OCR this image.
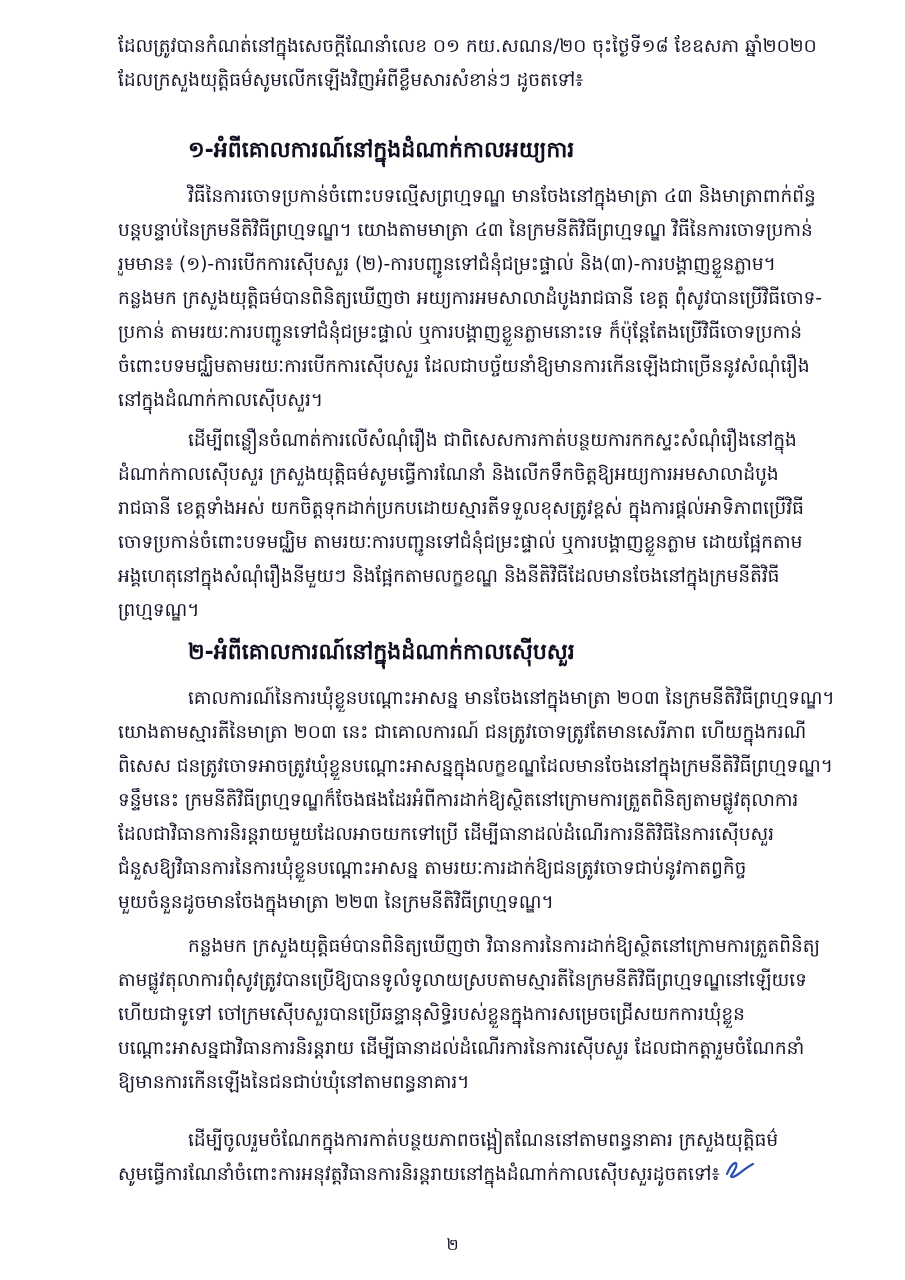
ដែលត្រូវបានកំណត់នៅក្នុងសេចក្តីណែនាំលេខ ០១ កយ.សណន/២០ ចុះថ្ងៃទី១៨ ខែឧសភា ឆ្នាំ២០២០
ដែលក្រសួងយុត្តិធម៌សូមលើកឡើងវិញអំពីខ្លឹមសារសំខាន់ៗ ដូចតទៅ៖
១-អំពីគោលការណ៍នៅក្នុងដំណាក់កាលអយ្យការ
វិធីនៃការចោទប្រកាន់ចំពោះបទល្មើសព្រហ្មទណ្ឌ មានចែងនៅក្នុងមាត្រា ៤៣ និងមាត្រាពាក់ព័ន្ធ
បន្តបន្ទាប់នៃក្រមនីតិវិធីព្រហ្មទណ្ឌ។ យោងតាមមាត្រា ៤៣ នៃក្រមនីតិវិធីព្រហ្មទណ្ឌ វិធីនៃការចោទប្រកាន់
រួមមាន៖ (១)-ការបើកការស៊ើបសួរ (២)-ការបញ្ជូនទៅជំនុំជម្រះផ្ទាល់ និង(៣)-ការបង្គាញខ្លួនភ្លាម។
កន្លងមក ក្រសួងយុត្តិធម៌បានពិនិត្យឃើញថា អយ្យការអមសាលាដំបូងរាជធានី ខេត្ត ពុំសូវបានប្រើវិធីចោទ-
ប្រកាន់ តាមរយៈការបញ្ជូនទៅជំនុំជម្រះផ្ទាល់ ឬការបង្គាញខ្លួនភ្លាមនោះទេ ក៏ប៉ុន្តែតែងប្រើវិធីចោទប្រកាន់
ចំពោះបទមជ្ឈិមតាមរយៈការបើកការស៊ើបសួរ ដែលជាបច្ច័យនាំឱ្យមានការកើនឡើងជាច្រើននូវសំណុំរឿង
នៅក្នុងដំណាក់កាលស៊ើបសួរ។
ដើម្បីពន្លឿនចំណាត់ការលើសំណុំរឿង ជាពិសេសការកាត់បន្ថយការកកស្ទះសំណុំរឿងនៅក្នុង
ដំណាក់កាលស៊ើបសួរ ក្រសួងយុត្តិធម៌សូមធ្វើការណែនាំ និងលើកទឹកចិត្តឱ្យអយ្យការអមសាលាដំបូង
រាជធានី ខេត្តទាំងអស់ យកចិត្តទុកដាក់ប្រកបដោយស្មារតីទទួលខុសត្រូវខ្ពស់ ក្នុងការផ្តល់អាទិភាពប្រើវិធី
ចោទប្រកាន់ចំពោះបទមជ្ឈិម តាមរយៈការបញ្ជូនទៅជំនុំជម្រះផ្ទាល់ ឬការបង្គាញខ្លួនភ្លាម ដោយផ្អែកតាម
អង្គហេតុនៅក្នុងសំណុំរឿងនីមួយៗ និងផ្អែកតាមលក្ខខណ្ឌ និងនីតិវិធីដែលមានចែងនៅក្នុងក្រមនីតិវិធី
ព្រហ្មទណ្ឌ។
២-អំពីគោលការណ៍នៅក្នុងដំណាក់កាលស៊ើបសួរ
គោលការណ៍នៃការឃុំខ្លួនបណ្តោះអាសន្ន មានចែងនៅក្នុងមាត្រា ២០៣ នៃក្រមនីតិវិធីព្រហ្មទណ្ឌ។
យោងតាមស្មារតីនៃមាត្រា ២០៣ នេះ ជាគោលការណ៍ ជនត្រូវចោទត្រូវតែមានសេរីភាព ហើយក្នុងករណី
ពិសេស ជនត្រូវចោទអាចត្រូវឃុំខ្លួនបណ្តោះអាសន្នក្នុងលក្ខខណ្ឌដែលមានចែងនៅក្នុងក្រមនីតិវិធីព្រហ្មទណ្ឌ។
ទន្ទឹមនេះ ក្រមនីតិវិធីព្រហ្មទណ្ឌក៏ចែងផងដែរអំពីការដាក់ឱ្យស្ថិតនៅក្រោមការត្រួតពិនិត្យតាមផ្លូវតុលាការ
ដែលជាវិធានការនិរន្តរាយមួយដែលអាចយកទៅប្រើ ដើម្បីធានាដល់ដំណើរការនីតិវិធីនៃការស៊ើបសួរ
ជំនួសឱ្យវិធានការនៃការឃុំខ្លួនបណ្តោះអាសន្ន តាមរយៈការដាក់ឱ្យជនត្រូវចោទជាប់នូវកាតព្វកិច្ច
មួយចំនួនដូចមានចែងក្នុងមាត្រា ២២៣ នៃក្រមនីតិវិធីព្រហ្មទណ្ឌ។
កន្លងមក ក្រសួងយុត្តិធម៌បានពិនិត្យឃើញថា វិធានការនៃការដាក់ឱ្យស្ថិតនៅក្រោមការត្រួតពិនិត្យ
តាមផ្លូវតុលាការពុំសូវត្រូវបានប្រើឱ្យបានទូលំទូលាយស្របតាមស្មារតីនៃក្រមនីតិវិធីព្រហ្មទណ្ឌនៅឡើយទេ
ហើយជាទូទៅ ចៅក្រមស៊ើបសួរបានប្រើឆន្ទានុសិទ្ធិរបស់ខ្លួនក្នុងការសម្រេចជ្រើសយកការឃុំខ្លួន
បណ្តោះអាសន្នជាវិធានការនិរន្តរាយ ដើម្បីធានាដល់ដំណើរការនៃការស៊ើបសួរ ដែលជាកត្តារួមចំណែកនាំ
ឱ្យមានការកើនឡើងនៃជនជាប់ឃុំនៅតាមពន្ធនាគារ។
ដើម្បីចូលរួមចំណែកក្នុងការកាត់បន្ថយភាពចង្អៀតណែននៅតាមពន្ធនាគារ ក្រសួងយុត្តិធម៌
សូមធ្វើការណែនាំចំពោះការអនុវត្តវិធានការនិរន្តរាយនៅក្នុងដំណាក់កាលស៊ើបសួរដូចតទៅ៖
២
